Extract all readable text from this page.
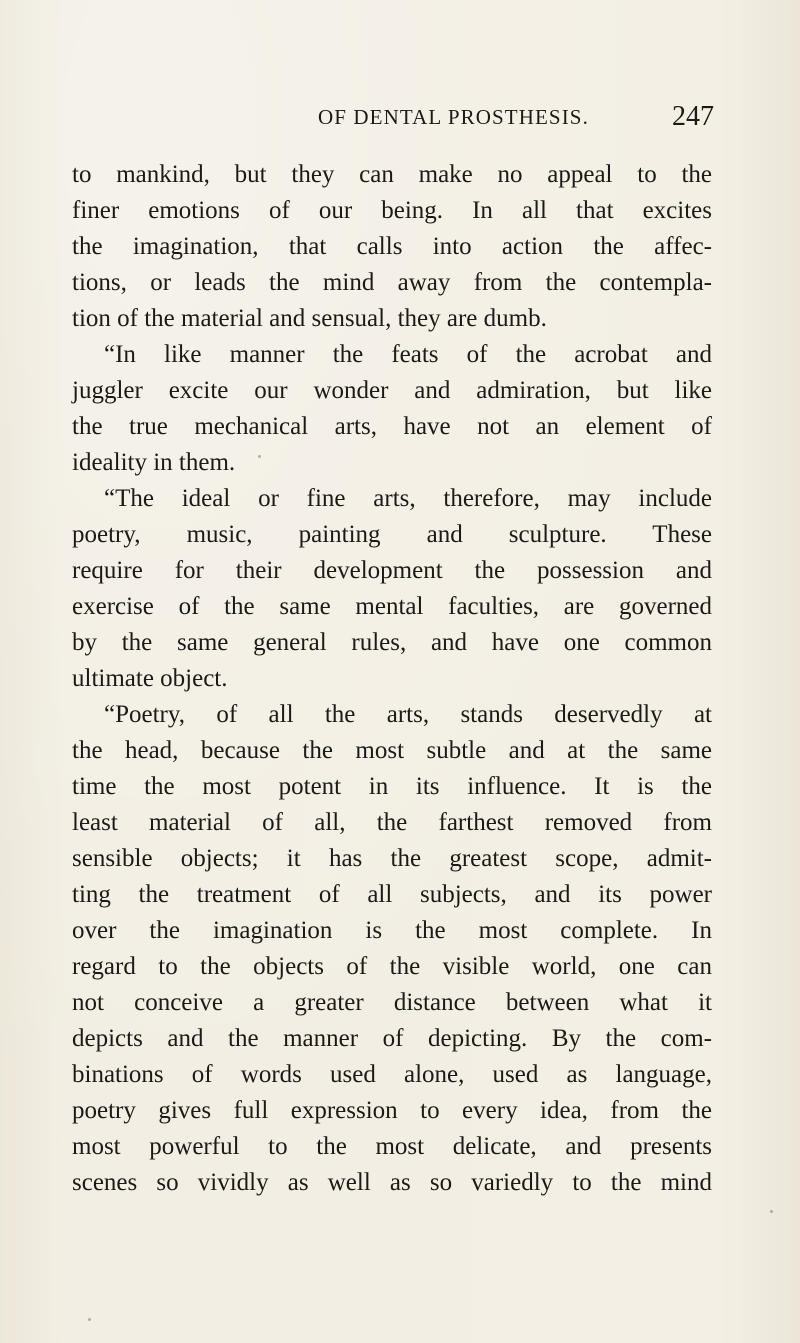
OF DENTAL PROSTHESIS.	247
to mankind, but they can make no appeal to the
finer emotions of our being. In all that excites
the imagination, that calls into action the affec-
tions, or leads the mind away from the contempla-
tion of the material and sensual, they are dumb.
“In like manner the feats of the acrobat and
juggler excite our wonder and admiration, but like
the true mechanical arts, have not an element of
ideality in them.
“The ideal or fine arts, therefore, may include
poetry, music, painting and sculpture. These
require for their development the possession and
exercise of the same mental faculties, are governed
by the same general rules, and have one common
ultimate object.
“Poetry, of all the arts, stands deservedly at
the head, because the most subtle and at the same
time the most potent in its influence. It is the
least material of all, the farthest removed from
sensible objects; it has the greatest scope, admit-
ting the treatment of all subjects, and its power
over the imagination is the most complete. In
regard to the objects of the visible world, one can
not conceive a greater distance between what it
depicts and the manner of depicting. By the com-
binations of words used alone, used as language,
poetry gives full expression to every idea, from the
most powerful to the most delicate, and presents
scenes so vividly as well as so variedly to the mind
